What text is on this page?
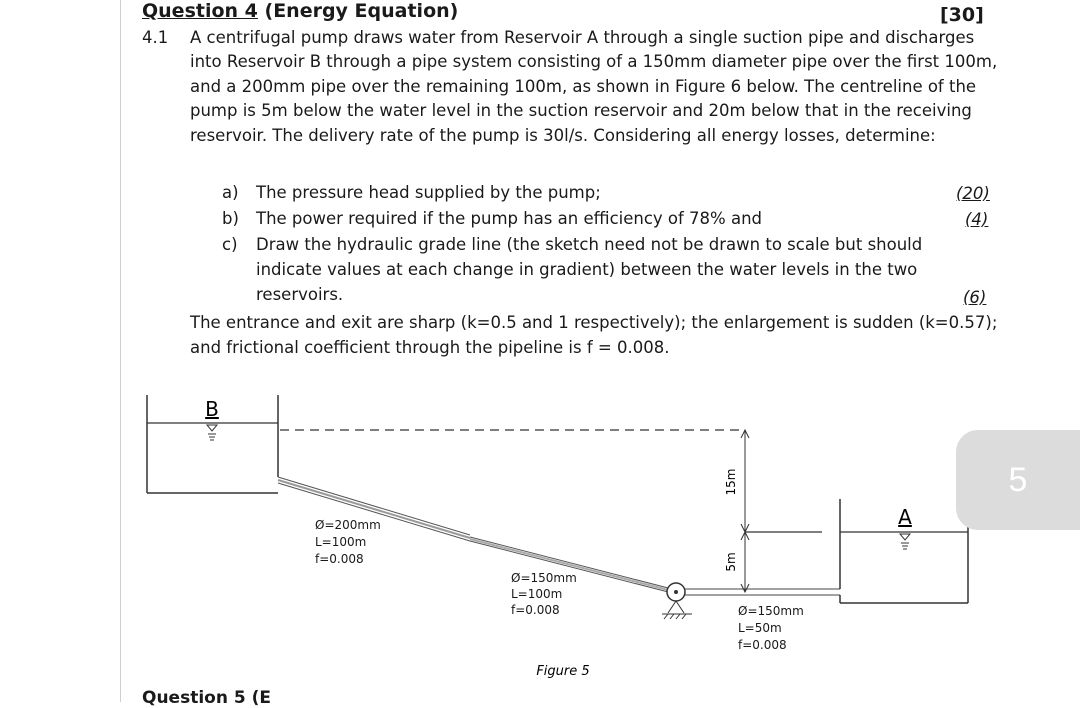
Question 4 (Energy Equation)	[30]
4.1 A centrifugal pump draws water from Reservoir A through a single suction pipe and discharges into Reservoir B through a pipe system consisting of a 150mm diameter pipe over the first 100m, and a 200mm pipe over the remaining 100m, as shown in Figure 6 below. The centreline of the pump is 5m below the water level in the suction reservoir and 20m below that in the receiving reservoir. The delivery rate of the pump is 30l/s. Considering all energy losses, determine:
a) The pressure head supplied by the pump;
b) The power required if the pump has an efficiency of 78% and
c) Draw the hydraulic grade line (the sketch need not be drawn to scale but should indicate values at each change in gradient) between the water levels in the two reservoirs.
(20)
(4)
(6)
The entrance and exit are sharp (k=0.5 and 1 respectively); the enlargement is sudden (k=0.57); and frictional coefficient through the pipeline is f = 0.008.
B
A
15m
5m
Ø=200mm
L=100m
f=0.008
Ø=150mm
L=100m
f=0.008	Ø=150mm
L=50m
f=0.008
Figure 5
5
Question 5 (E
